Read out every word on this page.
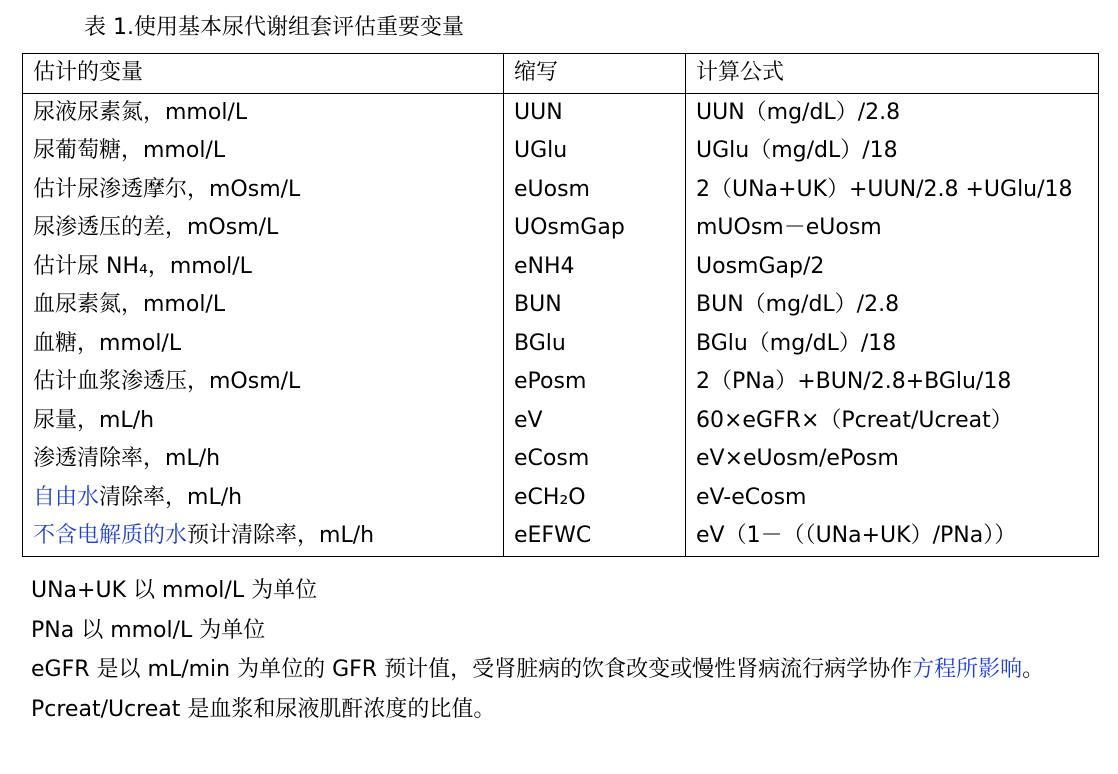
表 1.使用基本尿代谢组套评估重要变量
估计的变量	缩写	计算公式
尿液尿素氮，mmol/L	UUN	UUN（mg/dL）/2.8
尿葡萄糖，mmol/L	UGlu	UGlu（mg/dL）/18
估计尿渗透摩尔，mOsm/L	eUosm	2（UNa+UK）+UUN/2.8 +UGlu/18
尿渗透压的差，mOsm/L	UOsmGap	mUOsm－eUosm
估计尿 NH₄，mmol/L	eNH4	UosmGap/2
血尿素氮，mmol/L	BUN	BUN（mg/dL）/2.8
血糖，mmol/L	BGlu	BGlu（mg/dL）/18
估计血浆渗透压，mOsm/L	ePosm	2（PNa）+BUN/2.8+BGlu/18
尿量，mL/h	eV	60×eGFR×（Pcreat/Ucreat）
渗透清除率，mL/h	eCosm	eV×eUosm/ePosm
自由水清除率，mL/h	eCH₂O	eV-eCosm
不含电解质的水预计清除率，mL/h	eEFWC	eV（1－（（UNa+UK）/PNa））

UNa+UK 以 mmol/L 为单位

PNa 以 mmol/L 为单位

eGFR 是以 mL/min 为单位的 GFR 预计值，受肾脏病的饮食改变或慢性肾病流行病学协作方程所影响。

Pcreat/Ucreat 是血浆和尿液肌酐浓度的比值。
